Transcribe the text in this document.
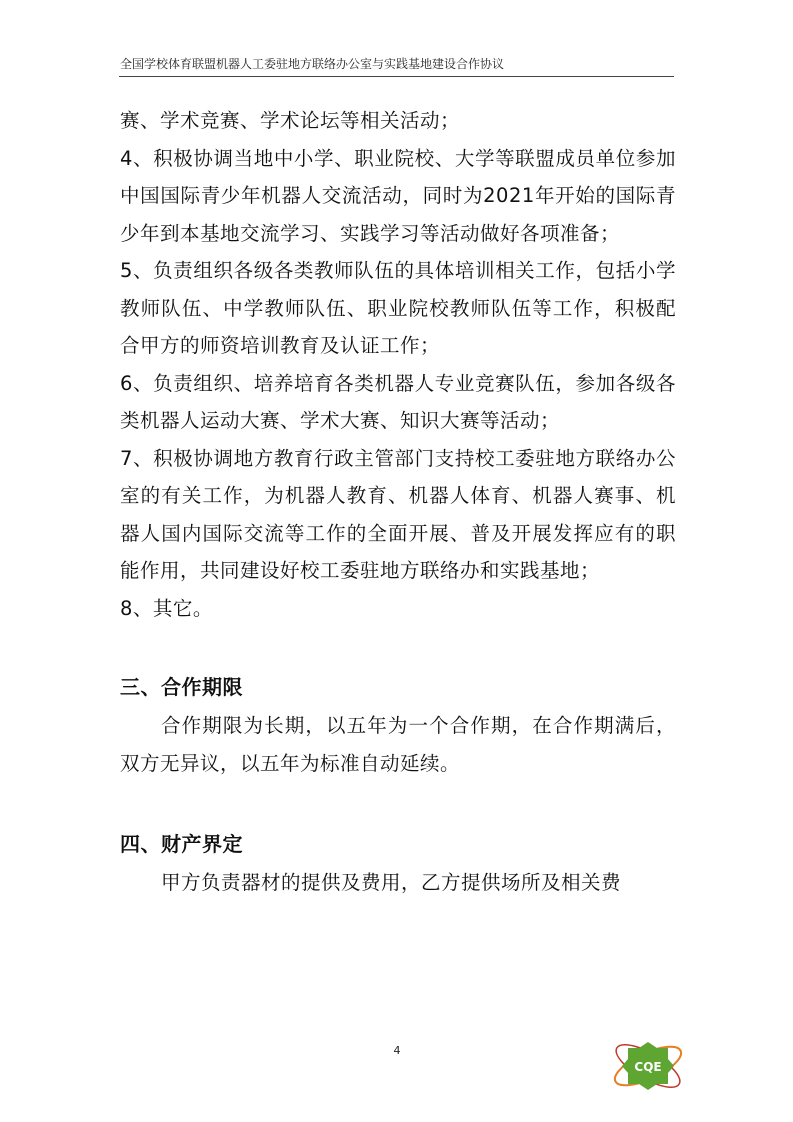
全国学校体育联盟机器人工委驻地方联络办公室与实践基地建设合作协议

赛、学术竞赛、学术论坛等相关活动；

4、积极协调当地中小学、职业院校、大学等联盟成员单位参加中国国际青少年机器人交流活动，同时为2021年开始的国际青少年到本基地交流学习、实践学习等活动做好各项准备；

5、负责组织各级各类教师队伍的具体培训相关工作，包括小学教师队伍、中学教师队伍、职业院校教师队伍等工作，积极配合甲方的师资培训教育及认证工作；

6、负责组织、培养培育各类机器人专业竞赛队伍，参加各级各类机器人运动大赛、学术大赛、知识大赛等活动；

7、积极协调地方教育行政主管部门支持校工委驻地方联络办公室的有关工作，为机器人教育、机器人体育、机器人赛事、机器人国内国际交流等工作的全面开展、普及开展发挥应有的职能作用，共同建设好校工委驻地方联络办和实践基地；

8、其它。

三、合作期限

合作期限为长期，以五年为一个合作期，在合作期满后，双方无异议，以五年为标准自动延续。

四、财产界定

甲方负责器材的提供及费用，乙方提供场所及相关费

4
CQE
